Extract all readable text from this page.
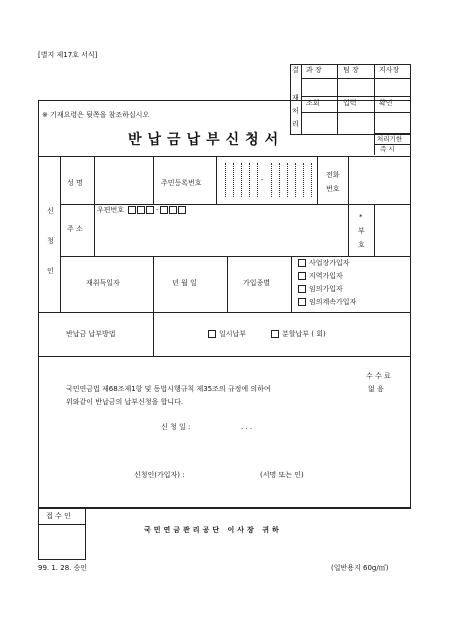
[별지 제17호 서식]
결
재
처
리
과 장	팀 장	지사장
조회	입력	확인
※ 기재요령은 뒷쪽을 참조하십시오
반납금납부신청서	처리기한
즉 시
신
청
인
성 명	주민등록번호	-
전화
번호
주 소
우편번호	-
*
부
호
재취득일자	년 월 일	가입종별
사업장가입자
지역가입자
임의가입자
임의계속가입자
반납금 납부방법	일시납부	분할납부 ( 회)
수 수 료
없 음
국민연금법 제68조제1항 및 동법시행규칙 제35조의 규정에 의하여
위와같이 반납금의 납부신청을 합니다.
신 청 일 :	. . .
신청인(가입자) :	(서명 또는 인)
접 수 인
국민연금관리공단 이사장 귀하
99. 1. 28. 승인	(일반용지 60g/㎡)
